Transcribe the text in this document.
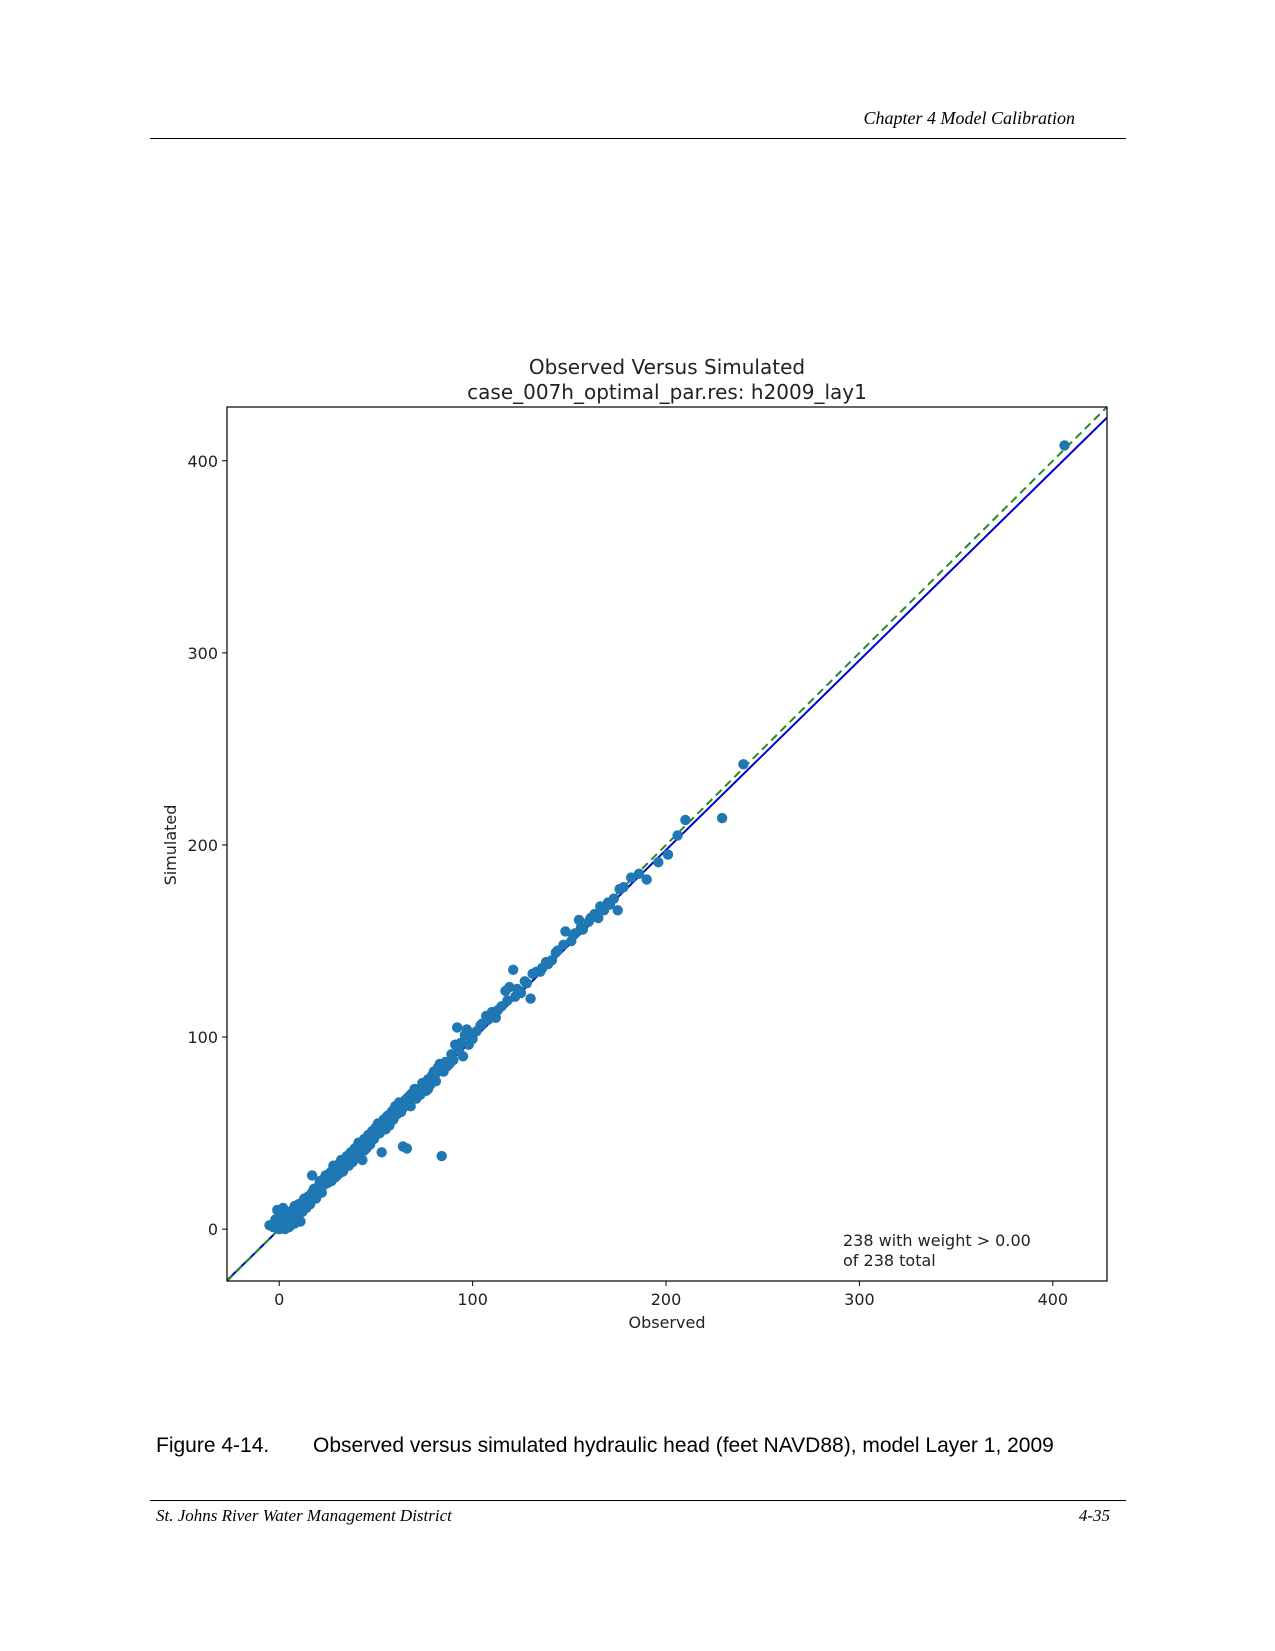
Chapter 4 Model Calibration
Observed Versus Simulated
case_007h_optimal_par.res: h2009_lay1
0	100	200	300	400
0
100
200
300
400
Observed
Simulated
238 with weight > 0.00
of 238 total
Figure 4-14. Observed versus simulated hydraulic head (feet NAVD88), model Layer 1, 2009
St. Johns River Water Management District	4-35
